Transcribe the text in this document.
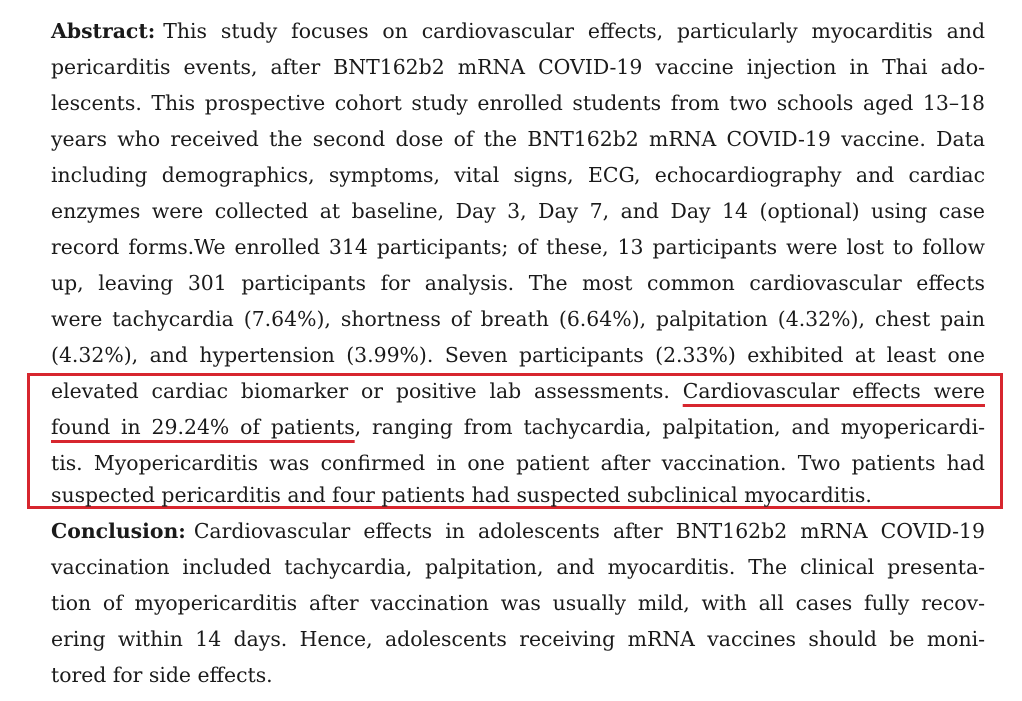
Abstract: This study focuses on cardiovascular effects, particularly myocarditis and
pericarditis events, after BNT162b2 mRNA COVID-19 vaccine injection in Thai ado-
lescents. This prospective cohort study enrolled students from two schools aged 13–18
years who received the second dose of the BNT162b2 mRNA COVID-19 vaccine. Data
including demographics, symptoms, vital signs, ECG, echocardiography and cardiac
enzymes were collected at baseline, Day 3, Day 7, and Day 14 (optional) using case
record forms.We enrolled 314 participants; of these, 13 participants were lost to follow
up, leaving 301 participants for analysis. The most common cardiovascular effects
were tachycardia (7.64%), shortness of breath (6.64%), palpitation (4.32%), chest pain
(4.32%), and hypertension (3.99%). Seven participants (2.33%) exhibited at least one
elevated cardiac biomarker or positive lab assessments. Cardiovascular effects were
found in 29.24% of patients, ranging from tachycardia, palpitation, and myopericardi-
tis. Myopericarditis was confirmed in one patient after vaccination. Two patients had
suspected pericarditis and four patients had suspected subclinical myocarditis.
Conclusion: Cardiovascular effects in adolescents after BNT162b2 mRNA COVID-19
vaccination included tachycardia, palpitation, and myocarditis. The clinical presenta-
tion of myopericarditis after vaccination was usually mild, with all cases fully recov-
ering within 14 days. Hence, adolescents receiving mRNA vaccines should be moni-
tored for side effects.
